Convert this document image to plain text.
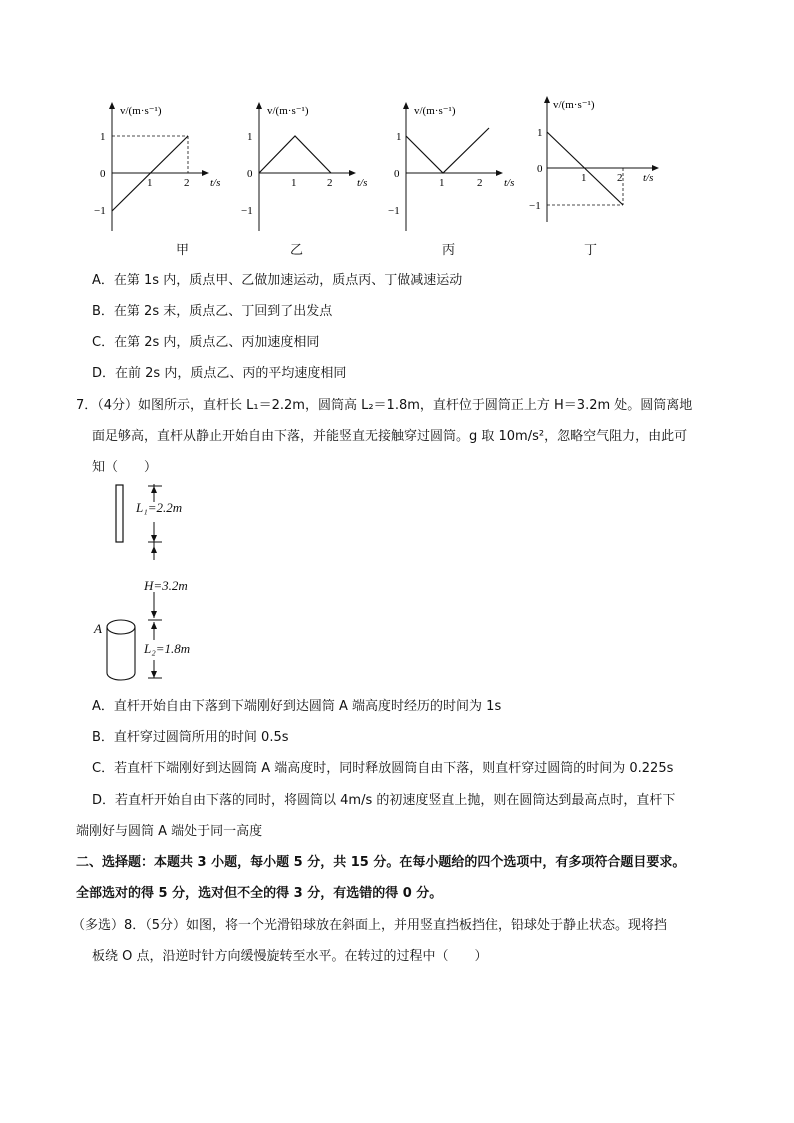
v/(m·s⁻¹)
1
0
−1
1	2 t/s
甲
v/(m·s⁻¹)
1
0
−1
1	2 t/s
乙
v/(m·s⁻¹)
1
0
−1
1	2 t/s
丙
v/(m·s⁻¹)
1
0
−1
1	2 t/s
丁
A．在第 1s 内，质点甲、乙做加速运动，质点丙、丁做减速运动
B．在第 2s 末，质点乙、丁回到了出发点
C．在第 2s 内，质点乙、丙加速度相同
D．在前 2s 内，质点乙、丙的平均速度相同
7．（4分）如图所示，直杆长 L₁＝2.2m，圆筒高 L₂＝1.8m，直杆位于圆筒正上方 H＝3.2m 处。圆筒离地
面足够高，直杆从静止开始自由下落，并能竖直无接触穿过圆筒。g 取 10m/s²，忽略空气阻力，由此可
知（　　）
L₁=2.2m
H=3.2m
A
L₂=1.8m
A．直杆开始自由下落到下端刚好到达圆筒 A 端高度时经历的时间为 1s
B．直杆穿过圆筒所用的时间 0.5s
C．若直杆下端刚好到达圆筒 A 端高度时，同时释放圆筒自由下落，则直杆穿过圆筒的时间为 0.225s
D．若直杆开始自由下落的同时，将圆筒以 4m/s 的初速度竖直上抛，则在圆筒达到最高点时，直杆下
端刚好与圆筒 A 端处于同一高度
二、选择题：本题共 3 小题，每小题 5 分，共 15 分。在每小题给的四个选项中，有多项符合题目要求。
全部选对的得 5 分，选对但不全的得 3 分，有选错的得 0 分。
（多选）8．（5分）如图，将一个光滑铅球放在斜面上，并用竖直挡板挡住，铅球处于静止状态。现将挡
板绕 O 点，沿逆时针方向缓慢旋转至水平。在转过的过程中（　　）
